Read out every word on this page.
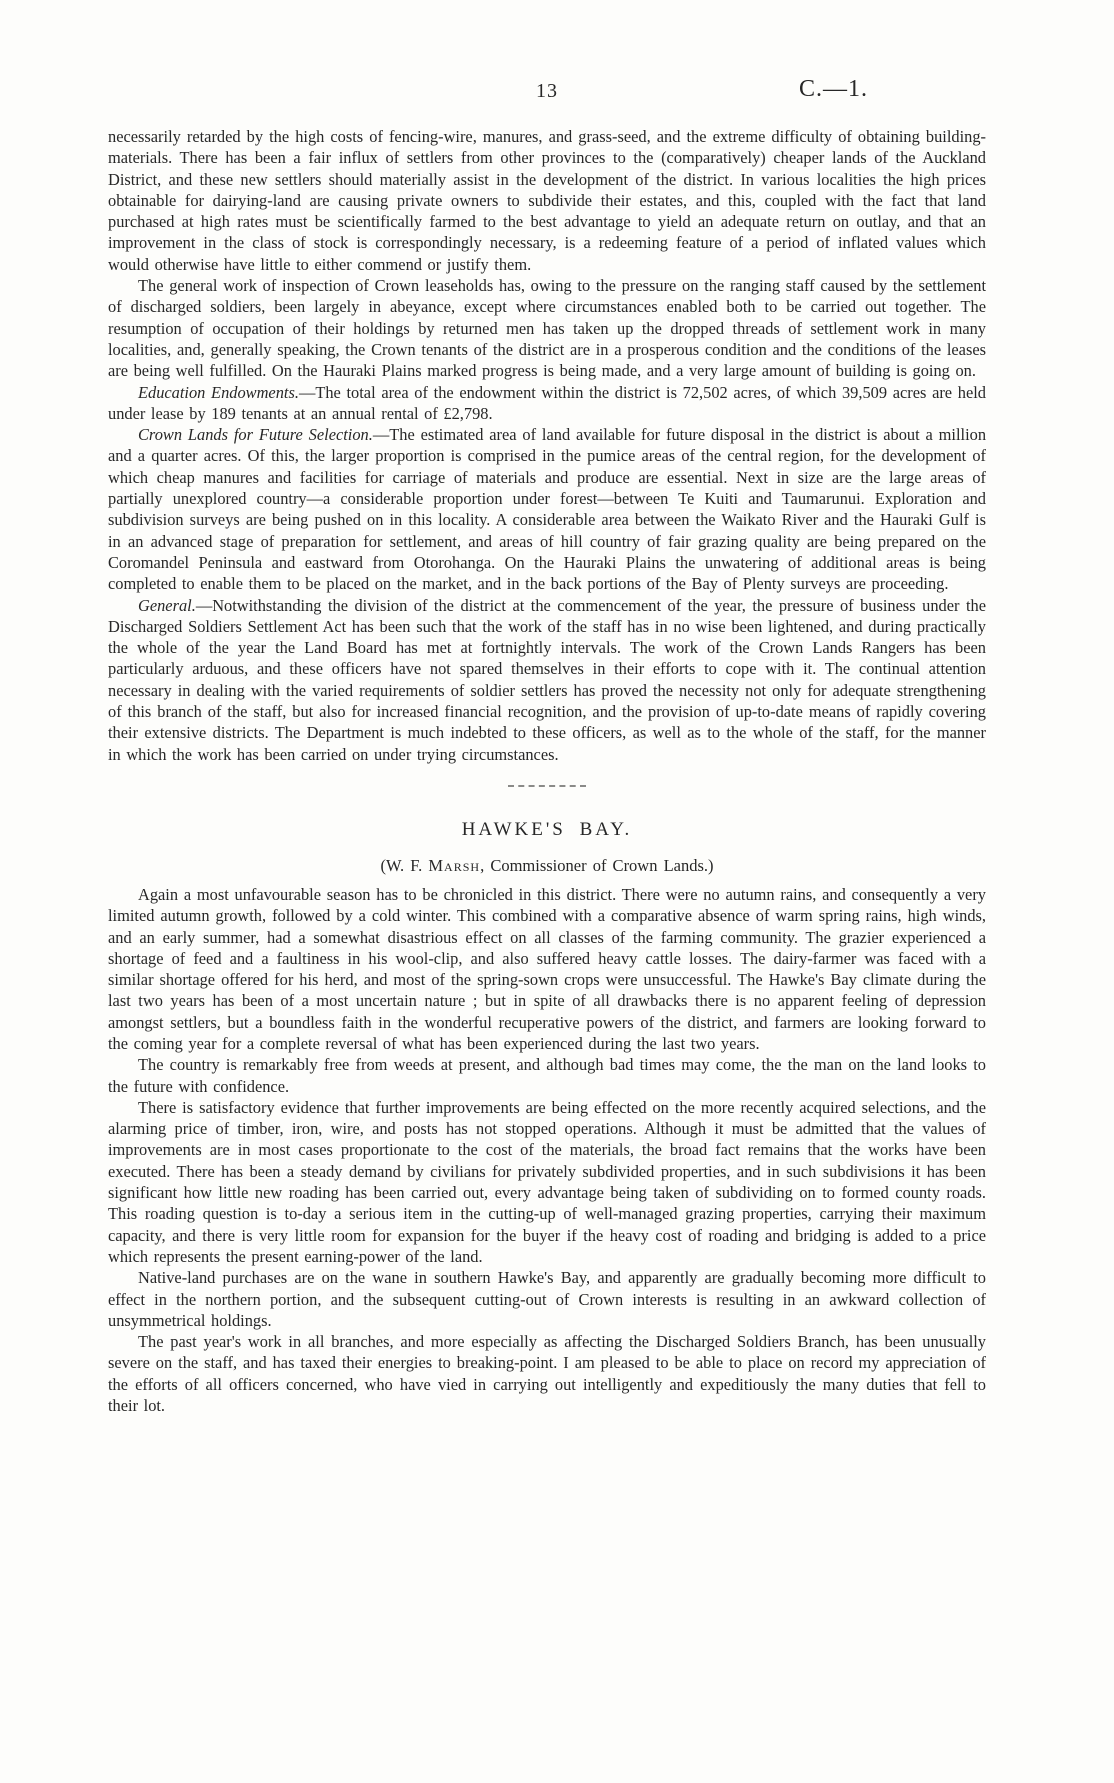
13	C.—1.

necessarily retarded by the high costs of fencing-wire, manures, and grass-seed, and the extreme difficulty of obtaining building-materials. There has been a fair influx of settlers from other provinces to the (comparatively) cheaper lands of the Auckland District, and these new settlers should materially assist in the development of the district. In various localities the high prices obtainable for dairying-land are causing private owners to subdivide their estates, and this, coupled with the fact that land purchased at high rates must be scientifically farmed to the best advantage to yield an adequate return on outlay, and that an improvement in the class of stock is correspondingly necessary, is a redeeming feature of a period of inflated values which would otherwise have little to either commend or justify them.

The general work of inspection of Crown leaseholds has, owing to the pressure on the ranging staff caused by the settlement of discharged soldiers, been largely in abeyance, except where circumstances enabled both to be carried out together. The resumption of occupation of their holdings by returned men has taken up the dropped threads of settlement work in many localities, and, generally speaking, the Crown tenants of the district are in a prosperous condition and the conditions of the leases are being well fulfilled. On the Hauraki Plains marked progress is being made, and a very large amount of building is going on.

Education Endowments.—The total area of the endowment within the district is 72,502 acres, of which 39,509 acres are held under lease by 189 tenants at an annual rental of £2,798.

Crown Lands for Future Selection.—The estimated area of land available for future disposal in the district is about a million and a quarter acres. Of this, the larger proportion is comprised in the pumice areas of the central region, for the development of which cheap manures and facilities for carriage of materials and produce are essential. Next in size are the large areas of partially unexplored country—a considerable proportion under forest—between Te Kuiti and Taumarunui. Exploration and subdivision surveys are being pushed on in this locality. A considerable area between the Waikato River and the Hauraki Gulf is in an advanced stage of preparation for settlement, and areas of hill country of fair grazing quality are being prepared on the Coromandel Peninsula and eastward from Otorohanga. On the Hauraki Plains the unwatering of additional areas is being completed to enable them to be placed on the market, and in the back portions of the Bay of Plenty surveys are proceeding.

General.—Notwithstanding the division of the district at the commencement of the year, the pressure of business under the Discharged Soldiers Settlement Act has been such that the work of the staff has in no wise been lightened, and during practically the whole of the year the Land Board has met at fortnightly intervals. The work of the Crown Lands Rangers has been particularly arduous, and these officers have not spared themselves in their efforts to cope with it. The continual attention necessary in dealing with the varied requirements of soldier settlers has proved the necessity not only for adequate strengthening of this branch of the staff, but also for increased financial recognition, and the provision of up-to-date means of rapidly covering their extensive districts. The Department is much indebted to these officers, as well as to the whole of the staff, for the manner in which the work has been carried on under trying circumstances.

HAWKE'S BAY.
(W. F. Marsh, Commissioner of Crown Lands.)

Again a most unfavourable season has to be chronicled in this district. There were no autumn rains, and consequently a very limited autumn growth, followed by a cold winter. This combined with a comparative absence of warm spring rains, high winds, and an early summer, had a somewhat disastrious effect on all classes of the farming community. The grazier experienced a shortage of feed and a faultiness in his wool-clip, and also suffered heavy cattle losses. The dairy-farmer was faced with a similar shortage offered for his herd, and most of the spring-sown crops were unsuccessful. The Hawke's Bay climate during the last two years has been of a most uncertain nature ; but in spite of all drawbacks there is no apparent feeling of depression amongst settlers, but a boundless faith in the wonderful recuperative powers of the district, and farmers are looking forward to the coming year for a complete reversal of what has been experienced during the last two years.

The country is remarkably free from weeds at present, and although bad times may come, the the man on the land looks to the future with confidence.

There is satisfactory evidence that further improvements are being effected on the more recently acquired selections, and the alarming price of timber, iron, wire, and posts has not stopped operations. Although it must be admitted that the values of improvements are in most cases proportionate to the cost of the materials, the broad fact remains that the works have been executed. There has been a steady demand by civilians for privately subdivided properties, and in such subdivisions it has been significant how little new roading has been carried out, every advantage being taken of subdividing on to formed county roads. This roading question is to-day a serious item in the cutting-up of well-managed grazing properties, carrying their maximum capacity, and there is very little room for expansion for the buyer if the heavy cost of roading and bridging is added to a price which represents the present earning-power of the land.

Native-land purchases are on the wane in southern Hawke's Bay, and apparently are gradually becoming more difficult to effect in the northern portion, and the subsequent cutting-out of Crown interests is resulting in an awkward collection of unsymmetrical holdings.

The past year's work in all branches, and more especially as affecting the Discharged Soldiers Branch, has been unusually severe on the staff, and has taxed their energies to breaking-point. I am pleased to be able to place on record my appreciation of the efforts of all officers concerned, who have vied in carrying out intelligently and expeditiously the many duties that fell to their lot.
